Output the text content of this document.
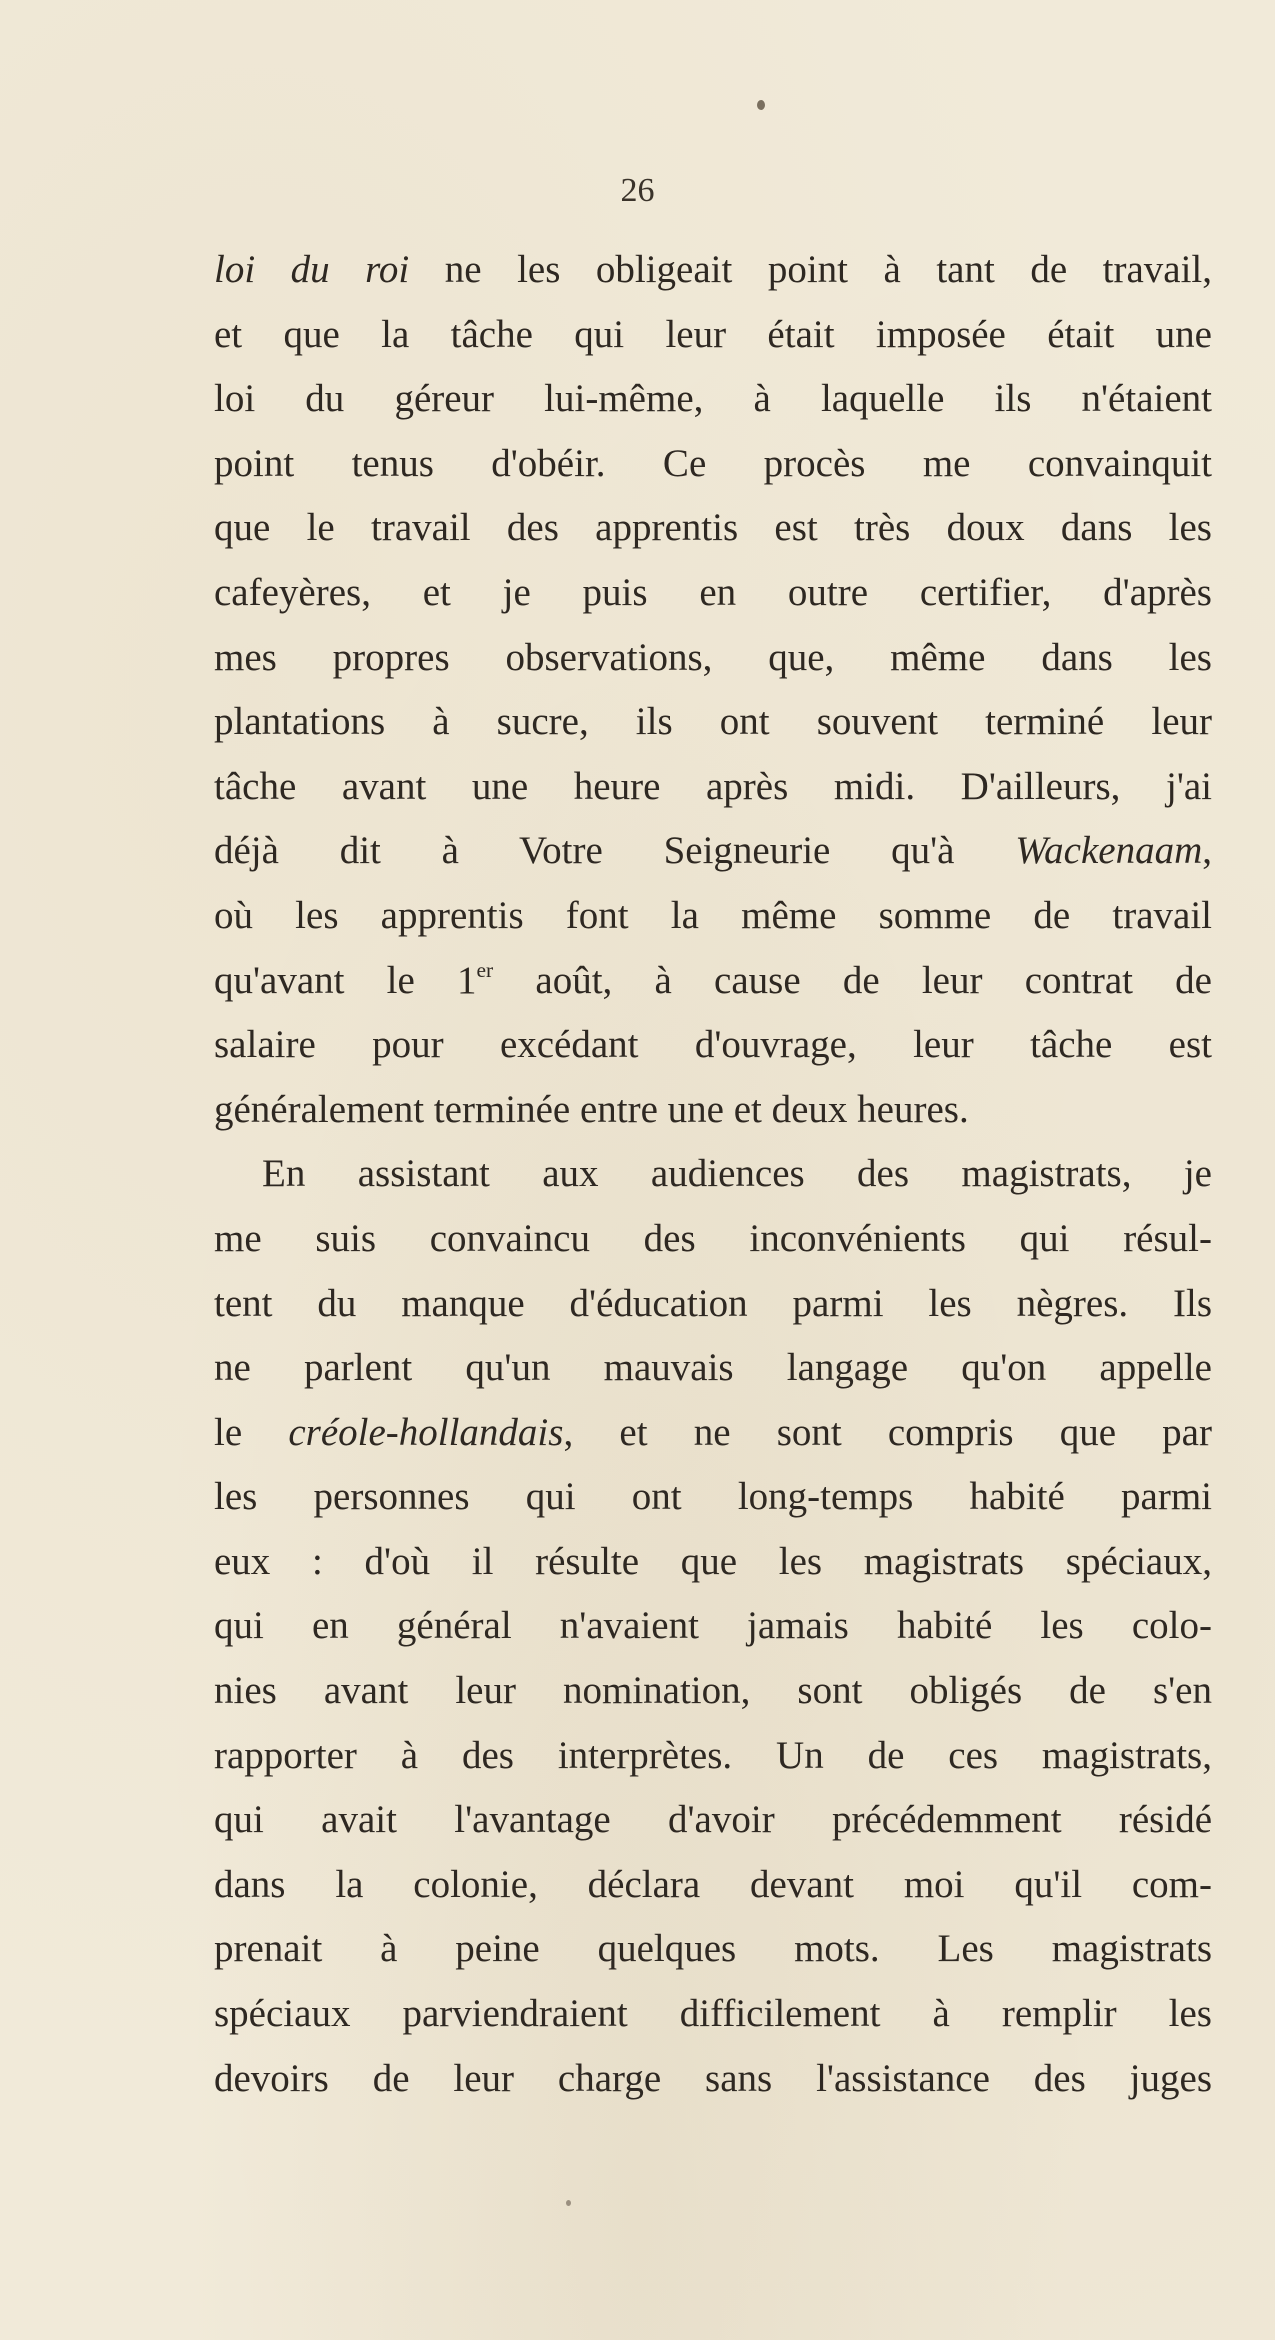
26
loi du roi ne les obligeait point à tant de travail,
et que la tâche qui leur était imposée était une
loi du géreur lui-même, à laquelle ils n'étaient
point tenus d'obéir. Ce procès me convainquit
que le travail des apprentis est très doux dans les
cafeyères, et je puis en outre certifier, d'après
mes propres observations, que, même dans les
plantations à sucre, ils ont souvent terminé leur
tâche avant une heure après midi. D'ailleurs, j'ai
déjà dit à Votre Seigneurie qu'à Wackenaam,
où les apprentis font la même somme de travail
qu'avant le 1er août, à cause de leur contrat de
salaire pour excédant d'ouvrage, leur tâche est
généralement terminée entre une et deux heures.
En assistant aux audiences des magistrats, je
me suis convaincu des inconvénients qui résul-
tent du manque d'éducation parmi les nègres. Ils
ne parlent qu'un mauvais langage qu'on appelle
le créole-hollandais, et ne sont compris que par
les personnes qui ont long-temps habité parmi
eux : d'où il résulte que les magistrats spéciaux,
qui en général n'avaient jamais habité les colo-
nies avant leur nomination, sont obligés de s'en
rapporter à des interprètes. Un de ces magistrats,
qui avait l'avantage d'avoir précédemment résidé
dans la colonie, déclara devant moi qu'il com-
prenait à peine quelques mots. Les magistrats
spéciaux parviendraient difficilement à remplir les
devoirs de leur charge sans l'assistance des juges
